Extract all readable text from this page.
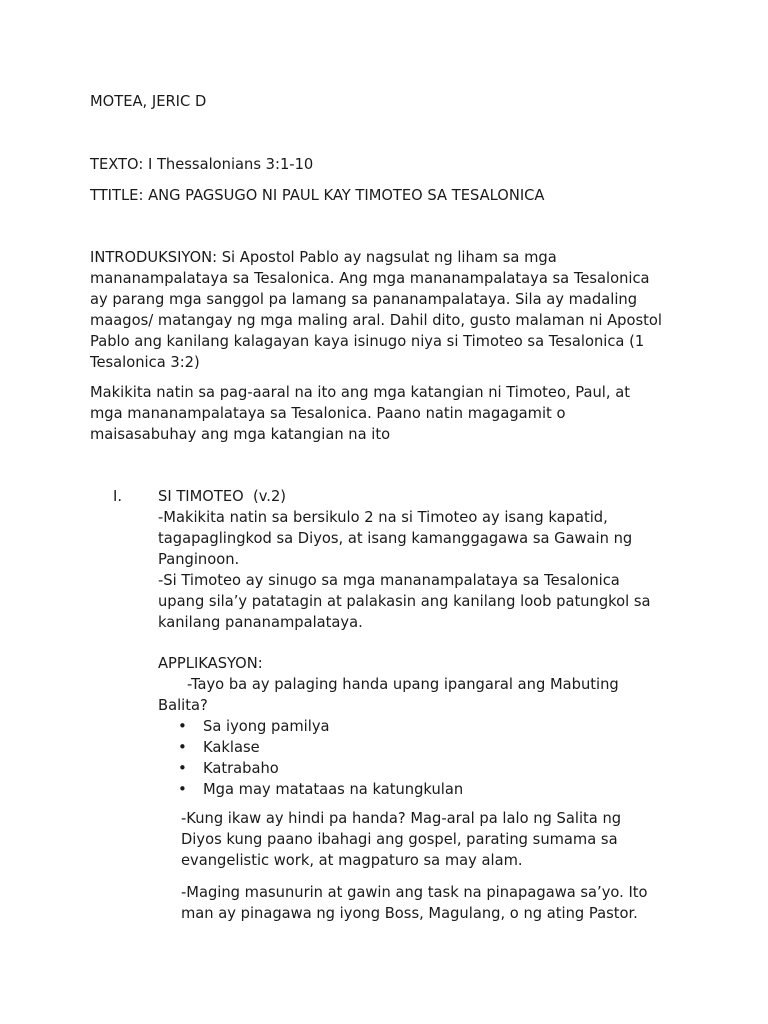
MOTEA, JERIC D
TEXTO: I Thessalonians 3:1-10
TTITLE: ANG PAGSUGO NI PAUL KAY TIMOTEO SA TESALONICA

INTRODUKSIYON: Si Apostol Pablo ay nagsulat ng liham sa mga

mananampalataya sa Tesalonica. Ang mga mananampalataya sa Tesalonica

ay parang mga sanggol pa lamang sa pananampalataya. Sila ay madaling

maagos/ matangay ng mga maling aral. Dahil dito, gusto malaman ni Apostol

Pablo ang kanilang kalagayan kaya isinugo niya si Timoteo sa Tesalonica (1

Tesalonica 3:2)

Makikita natin sa pag-aaral na ito ang mga katangian ni Timoteo, Paul, at

mga mananampalataya sa Tesalonica. Paano natin magagamit o

maisasabuhay ang mga katangian na ito

I. SI TIMOTEO  (v.2)

-Makikita natin sa bersikulo 2 na si Timoteo ay isang kapatid,

tagapaglingkod sa Diyos, at isang kamanggagawa sa Gawain ng

Panginoon.

-Si Timoteo ay sinugo sa mga mananampalataya sa Tesalonica

upang sila’y patatagin at palakasin ang kanilang loob patungkol sa

kanilang pananampalataya.

APPLIKASYON:
-Tayo ba ay palaging handa upang ipangaral ang Mabuting
Balita?
• Sa iyong pamilya
• Kaklase
• Katrabaho
• Mga may matataas na katungkulan

-Kung ikaw ay hindi pa handa? Mag-aral pa lalo ng Salita ng

Diyos kung paano ibahagi ang gospel, parating sumama sa

evangelistic work, at magpaturo sa may alam.

-Maging masunurin at gawin ang task na pinapagawa sa’yo. Ito

man ay pinagawa ng iyong Boss, Magulang, o ng ating Pastor.
